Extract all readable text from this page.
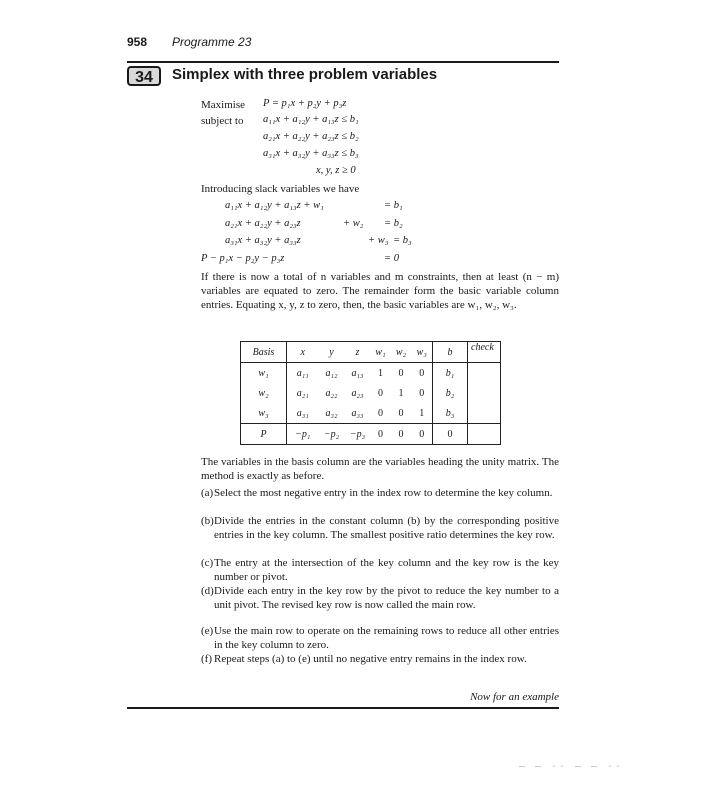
958 Programme 23
34	Simplex with three problem variables
Maximise P = p₁x + p₂y + p₃z
subject to a₁₁x + a₁₂y + a₁₃z ≤ b₁
a₂₁x + a₂₂y + a₂₃z ≤ b₂
a₃₁x + a₃₂y + a₃₃z ≤ b₃
x, y, z ≥ 0
Introducing slack variables we have
a₁₁x + a₁₂y + a₁₃z + w₁	= b₁
a₂₁x + a₂₂y + a₂₃z	+ w₂ = b₂
a₃₁x + a₃₂y + a₃₃z	+ w₃ = b₃
P − p₁x − p₂y − p₃z	= 0
If there is now a total of n variables and m constraints, then at least (n − m) variables are equated to zero. The remainder form the basic variable column entries. Equating x, y, z to zero, then, the basic variables are w₁, w₂, w₃.
Basis	x	y	z	w₁	w₂	w₃	b	check
w₁	a₁₁	a₁₂	a₁₃	1	0	0	b₁	
w₂	a₂₁	a₂₂	a₂₃	0	1	0	b₂	
w₃	a₃₁	a₃₂	a₃₃	0	0	1	b₃	
P	−p₁	−p₂	−p₃	0	0	0	0	
The variables in the basis column are the variables heading the unity matrix. The method is exactly as before.
(a) Select the most negative entry in the index row to determine the key column.
(b) Divide the entries in the constant column (b) by the corresponding positive entries in the key column. The smallest positive ratio determines the key row.
(c) The entry at the intersection of the key column and the key row is the key number or pivot.
(d) Divide each entry in the key row by the pivot to reduce the key number to a unit pivot. The revised key row is now called the main row.
(e) Use the main row to operate on the remaining rows to reduce all other entries in the key column to zero.
(f) Repeat steps (a) to (e) until no negative entry remains in the index row.
Now for an example
— — -- — — --
